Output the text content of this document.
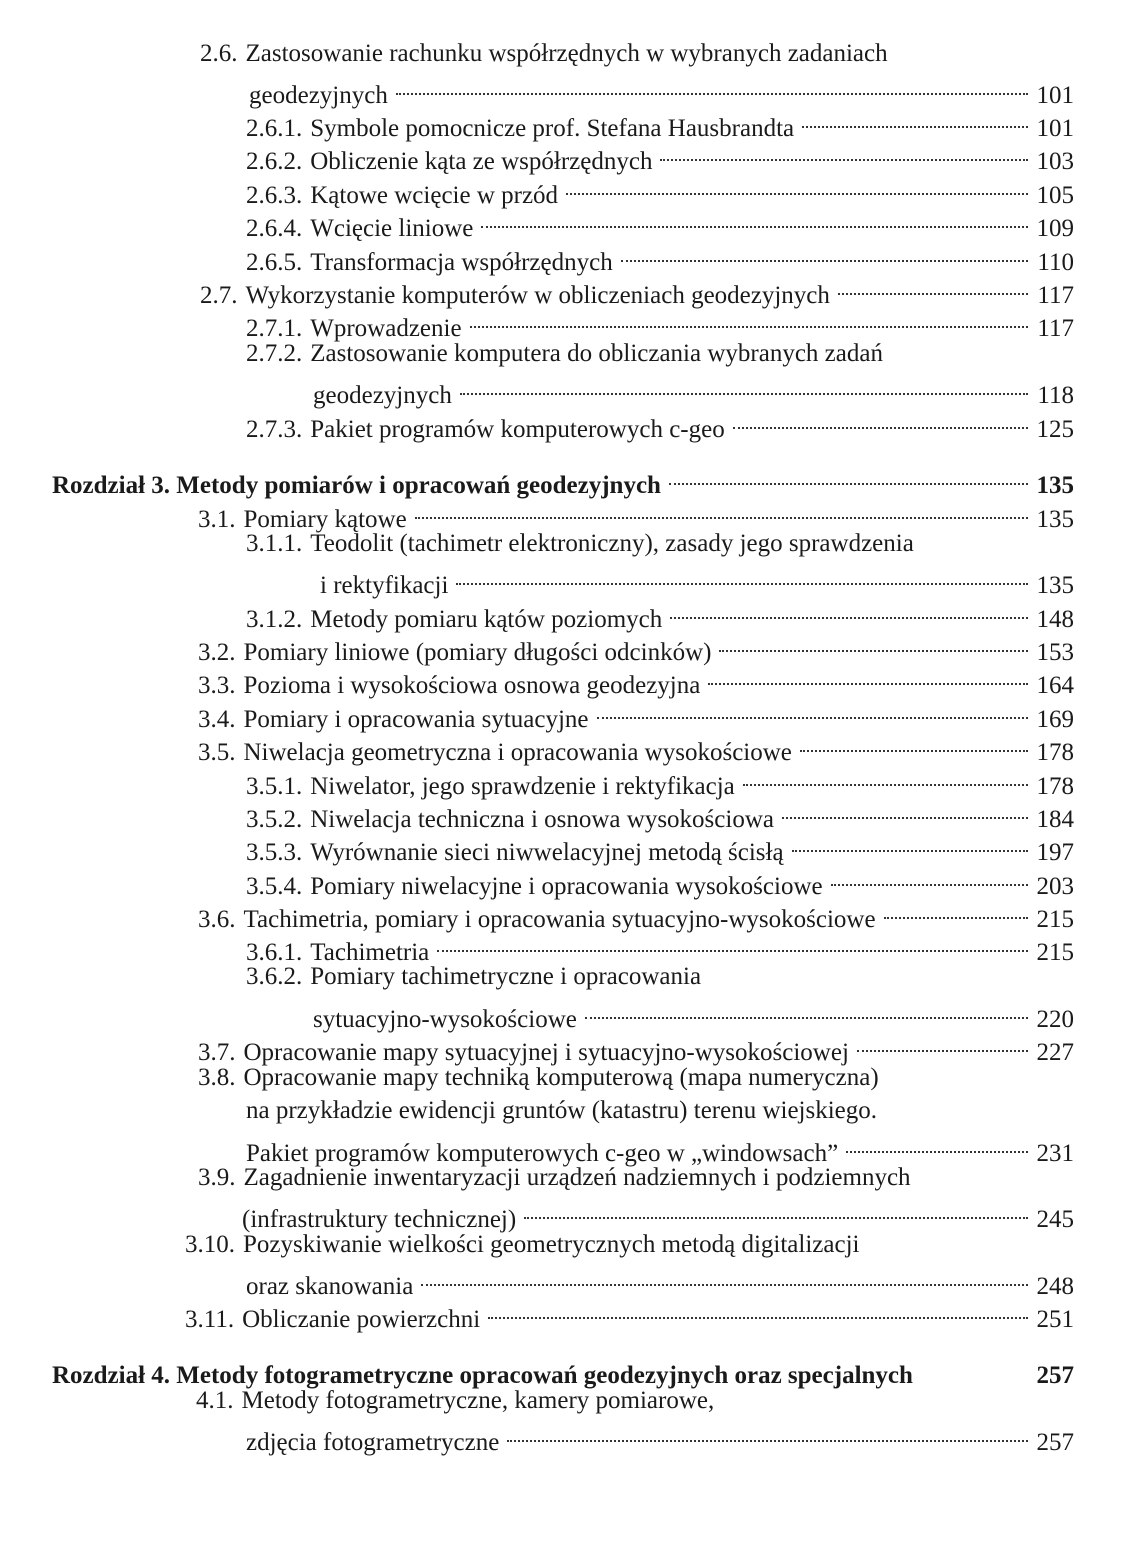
2.6. Zastosowanie rachunku współrzędnych w wybranych zadaniach
geodezyjnych	101
2.6.1. Symbole pomocnicze prof. Stefana Hausbrandta	101
2.6.2. Obliczenie kąta ze współrzędnych	103
2.6.3. Kątowe wcięcie w przód	105
2.6.4. Wcięcie liniowe	109
2.6.5. Transformacja współrzędnych	110
2.7. Wykorzystanie komputerów w obliczeniach geodezyjnych	117
2.7.1. Wprowadzenie	117
2.7.2. Zastosowanie komputera do obliczania wybranych zadań
geodezyjnych	118
2.7.3. Pakiet programów komputerowych c-geo	125
Rozdział 3. Metody pomiarów i opracowań geodezyjnych	135
3.1. Pomiary kątowe	135
3.1.1. Teodolit (tachimetr elektroniczny), zasady jego sprawdzenia
i rektyfikacji	135
3.1.2. Metody pomiaru kątów poziomych	148
3.2. Pomiary liniowe (pomiary długości odcinków)	153
3.3. Pozioma i wysokościowa osnowa geodezyjna	164
3.4. Pomiary i opracowania sytuacyjne	169
3.5. Niwelacja geometryczna i opracowania wysokościowe	178
3.5.1. Niwelator, jego sprawdzenie i rektyfikacja	178
3.5.2. Niwelacja techniczna i osnowa wysokościowa	184
3.5.3. Wyrównanie sieci niwwelacyjnej metodą ścisłą	197
3.5.4. Pomiary niwelacyjne i opracowania wysokościowe	203
3.6. Tachimetria, pomiary i opracowania sytuacyjno-wysokościowe	215
3.6.1. Tachimetria	215
3.6.2. Pomiary tachimetryczne i opracowania
sytuacyjno-wysokościowe	220
3.7. Opracowanie mapy sytuacyjnej i sytuacyjno-wysokościowej	227
3.8. Opracowanie mapy techniką komputerową (mapa numeryczna)
na przykładzie ewidencji gruntów (katastru) terenu wiejskiego.
Pakiet programów komputerowych c-geo w „windowsach”	231
3.9. Zagadnienie inwentaryzacji urządzeń nadziemnych i podziemnych
(infrastruktury technicznej)	245
3.10. Pozyskiwanie wielkości geometrycznych metodą digitalizacji
oraz skanowania	248
3.11. Obliczanie powierzchni	251
Rozdział 4. Metody fotogrametryczne opracowań geodezyjnych oraz specjalnych	257
4.1. Metody fotogrametryczne, kamery pomiarowe,
zdjęcia fotogrametryczne	257
